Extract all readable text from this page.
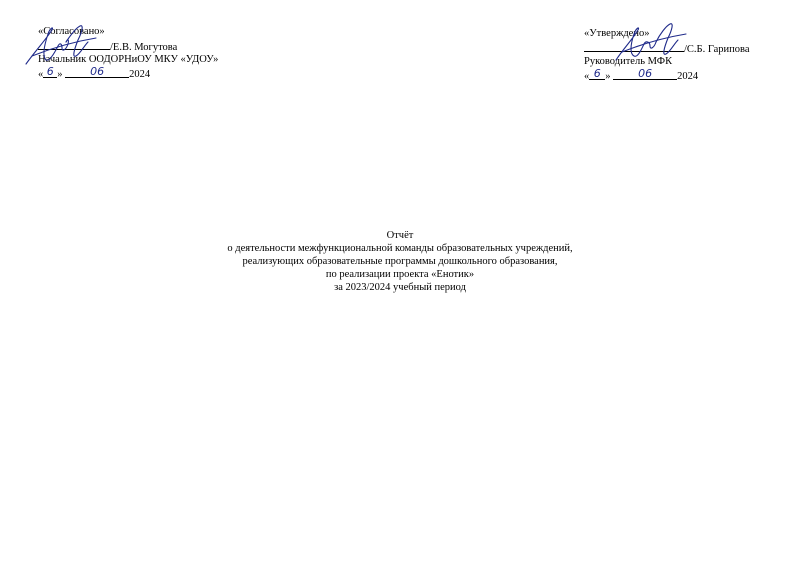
«Согласовано»
/Е.В. Могутова
Начальник ООДОРНиОУ МКУ «УДОУ»
« 6 »	06 2024
«Утверждено»
/С.Б. Гарипова
Руководитель МФК
« 6 »	06 2024
Отчёт
о деятельности межфункциональной команды образовательных учреждений,
реализующих образовательные программы дошкольного образования,
по реализации проекта «Енотик»
за 2023/2024 учебный период
